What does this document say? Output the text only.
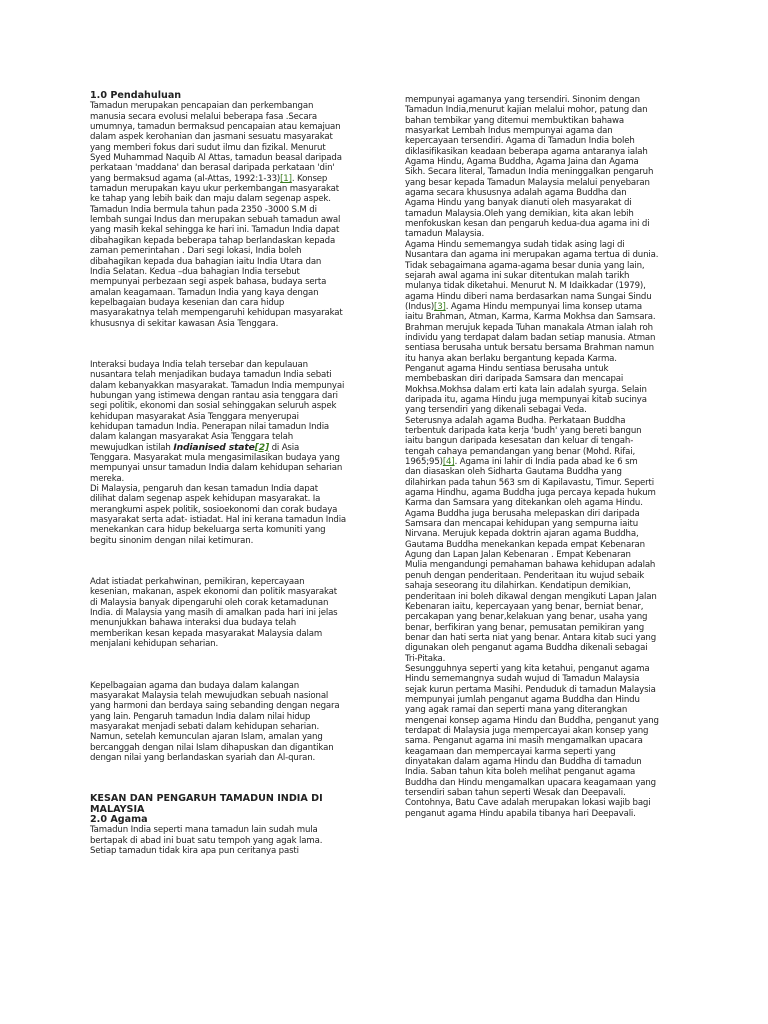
1.0 Pendahuluan
Tamadun merupakan pencapaian dan perkembangan
manusia secara evolusi melalui beberapa fasa .Secara
umumnya, tamadun bermaksud pencapaian atau kemajuan
dalam aspek kerohanian dan jasmani sesuatu masyarakat
yang memberi fokus dari sudut ilmu dan fizikal. Menurut
Syed Muhammad Naquib Al Attas, tamadun beasal daripada
perkataan 'maddana' dan berasal daripada perkataan 'din'
yang bermaksud agama (al-Attas, 1992:1-33)[1]. Konsep
tamadun merupakan kayu ukur perkembangan masyarakat
ke tahap yang lebih baik dan maju dalam segenap aspek.
Tamadun India bermula tahun pada 2350 -3000 S.M di
lembah sungai Indus dan merupakan sebuah tamadun awal
yang masih kekal sehingga ke hari ini. Tamadun India dapat
dibahagikan kepada beberapa tahap berlandaskan kepada
zaman pemerintahan . Dari segi lokasi, India boleh
dibahagikan kepada dua bahagian iaitu India Utara dan
India Selatan. Kedua –dua bahagian India tersebut
mempunyai perbezaan segi aspek bahasa, budaya serta
amalan keagamaan. Tamadun India yang kaya dengan
kepelbagaian budaya kesenian dan cara hidup
masyarakatnya telah mempengaruhi kehidupan masyarakat
khususnya di sekitar kawasan Asia Tenggara.
Interaksi budaya India telah tersebar dan kepulauan
nusantara telah menjadikan budaya tamadun India sebati
dalam kebanyakkan masyarakat. Tamadun India mempunyai
hubungan yang istimewa dengan rantau asia tenggara dari
segi politik, ekonomi dan sosial sehinggakan seluruh aspek
kehidupan masyarakat Asia Tenggara menyerupai
kehidupan tamadun India. Penerapan nilai tamadun India
dalam kalangan masyarakat Asia Tenggara telah
mewujudkan istilah Indianised state[2] di Asia
Tenggara. Masyarakat mula mengasimilasikan budaya yang
mempunyai unsur tamadun India dalam kehidupan seharian
mereka.
Di Malaysia, pengaruh dan kesan tamadun India dapat
dilihat dalam segenap aspek kehidupan masyarakat. Ia
merangkumi aspek politik, sosioekonomi dan corak budaya
masyarakat serta adat- istiadat. Hal ini kerana tamadun India
menekankan cara hidup bekeluarga serta komuniti yang
begitu sinonim dengan nilai ketimuran.
Adat istiadat perkahwinan, pemikiran, kepercayaan
kesenian, makanan, aspek ekonomi dan politik masyarakat
di Malaysia banyak dipengaruhi oleh corak ketamadunan
India. di Malaysia yang masih di amalkan pada hari ini jelas
menunjukkan bahawa interaksi dua budaya telah
memberikan kesan kepada masyarakat Malaysia dalam
menjalani kehidupan seharian.
Kepelbagaian agama dan budaya dalam kalangan
masyarakat Malaysia telah mewujudkan sebuah nasional
yang harmoni dan berdaya saing sebanding dengan negara
yang lain. Pengaruh tamadun India dalam nilai hidup
masyarakat menjadi sebati dalam kehidupan seharian.
Namun, setelah kemunculan ajaran Islam, amalan yang
bercanggah dengan nilai Islam dihapuskan dan digantikan
dengan nilai yang berlandaskan syariah dan Al-quran.
KESAN DAN PENGARUH TAMADUN INDIA DI
MALAYSIA
2.0 Agama
Tamadun India seperti mana tamadun lain sudah mula
bertapak di abad ini buat satu tempoh yang agak lama.
Setiap tamadun tidak kira apa pun ceritanya pasti
mempunyai agamanya yang tersendiri. Sinonim dengan
Tamadun India,menurut kajian melalui mohor, patung dan
bahan tembikar yang ditemui membuktikan bahawa
masyarkat Lembah Indus mempunyai agama dan
kepercayaan tersendiri. Agama di Tamadun India boleh
diklasifikasikan keadaan beberapa agama antaranya ialah
Agama Hindu, Agama Buddha, Agama Jaina dan Agama
Sikh. Secara literal, Tamadun India meninggalkan pengaruh
yang besar kepada Tamadun Malaysia melalui penyebaran
agama secara khususnya adalah agama Buddha dan
Agama Hindu yang banyak dianuti oleh masyarakat di
tamadun Malaysia.Oleh yang demikian, kita akan lebih
menfokuskan kesan dan pengaruh kedua-dua agama ini di
tamadun Malaysia.
Agama Hindu sememangya sudah tidak asing lagi di
Nusantara dan agama ini merupakan agama tertua di dunia.
Tidak sebagaimana agama-agama besar dunia yang lain,
sejarah awal agama ini sukar ditentukan malah tarikh
mulanya tidak diketahui. Menurut N. M Idaikkadar (1979),
agama Hindu diberi nama berdasarkan nama Sungai Sindu
(Indus)[3]. Agama Hindu mempunyai lima konsep utama
iaitu Brahman, Atman, Karma, Karma Mokhsa dan Samsara.
Brahman merujuk kepada Tuhan manakala Atman ialah roh
individu yang terdapat dalam badan setiap manusia. Atman
sentiasa berusaha untuk bersatu bersama Brahman namun
itu hanya akan berlaku bergantung kepada Karma.
Penganut agama Hindu sentiasa berusaha untuk
membebaskan diri daripada Samsara dan mencapai
Mokhsa.Mokhsa dalam erti kata lain adalah syurga. Selain
daripada itu, agama Hindu juga mempunyai kitab sucinya
yang tersendiri yang dikenali sebagai Veda.
Seterusnya adalah agama Budha. Perkataan Buddha
terbentuk daripada kata kerja 'budh' yang bereti bangun
iaitu bangun daripada kesesatan dan keluar di tengah-
tengah cahaya pemandangan yang benar (Mohd. Rifai,
1965;95)[4]. Agama ini lahir di India pada abad ke 6 sm
dan diasaskan oleh Sidharta Gautama Buddha yang
dilahirkan pada tahun 563 sm di Kapilavastu, Timur. Seperti
agama Hindhu, agama Buddha juga percaya kepada hukum
Karma dan Samsara yang ditekankan oleh agama Hindu.
Agama Buddha juga berusaha melepaskan diri daripada
Samsara dan mencapai kehidupan yang sempurna iaitu
Nirvana. Merujuk kepada doktrin ajaran agama Buddha,
Gautama Buddha menekankan kepada empat Kebenaran
Agung dan Lapan Jalan Kebenaran . Empat Kebenaran
Mulia mengandungi pemahaman bahawa kehidupan adalah
penuh dengan penderitaan. Penderitaan itu wujud sebaik
sahaja seseorang itu dilahirkan. Kendatipun demikian,
penderitaan ini boleh dikawal dengan mengikuti Lapan Jalan
Kebenaran iaitu, kepercayaan yang benar, berniat benar,
percakapan yang benar,kelakuan yang benar, usaha yang
benar, berfikiran yang benar, pemusatan pemikiran yang
benar dan hati serta niat yang benar. Antara kitab suci yang
digunakan oleh penganut agama Buddha dikenali sebagai
Tri-Pitaka.
Sesungguhnya seperti yang kita ketahui, penganut agama
Hindu sememangnya sudah wujud di Tamadun Malaysia
sejak kurun pertama Masihi. Penduduk di tamadun Malaysia
mempunyai jumlah penganut agama Buddha dan Hindu
yang agak ramai dan seperti mana yang diterangkan
mengenai konsep agama Hindu dan Buddha, penganut yang
terdapat di Malaysia juga mempercayai akan konsep yang
sama. Penganut agama ini masih mengamalkan upacara
keagamaan dan mempercayai karma seperti yang
dinyatakan dalam agama Hindu dan Buddha di tamadun
India. Saban tahun kita boleh melihat penganut agama
Buddha dan Hindu mengamalkan upacara keagamaan yang
tersendiri saban tahun seperti Wesak dan Deepavali.
Contohnya, Batu Cave adalah merupakan lokasi wajib bagi
penganut agama Hindu apabila tibanya hari Deepavali.
